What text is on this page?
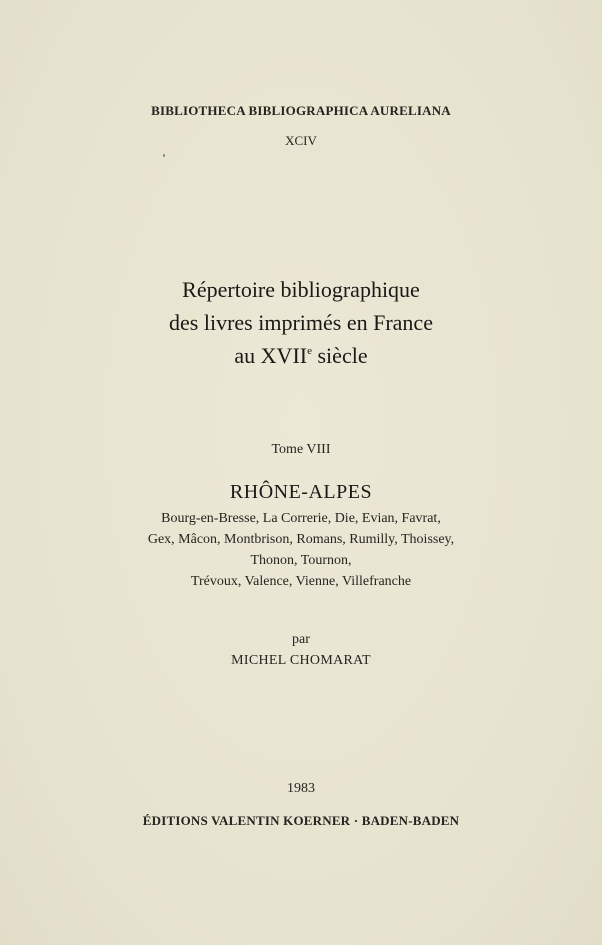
BIBLIOTHECA BIBLIOGRAPHICA AURELIANA
XCIV
Répertoire bibliographique
des livres imprimés en France
au XVIIe siècle
Tome VIII
RHÔNE-ALPES
Bourg-en-Bresse, La Correrie, Die, Evian, Favrat,
Gex, Mâcon, Montbrison, Romans, Rumilly, Thoissey,
Thonon, Tournon,
Trévoux, Valence, Vienne, Villefranche
par
MICHEL CHOMARAT
1983
ÉDITIONS VALENTIN KOERNER · BADEN-BADEN
